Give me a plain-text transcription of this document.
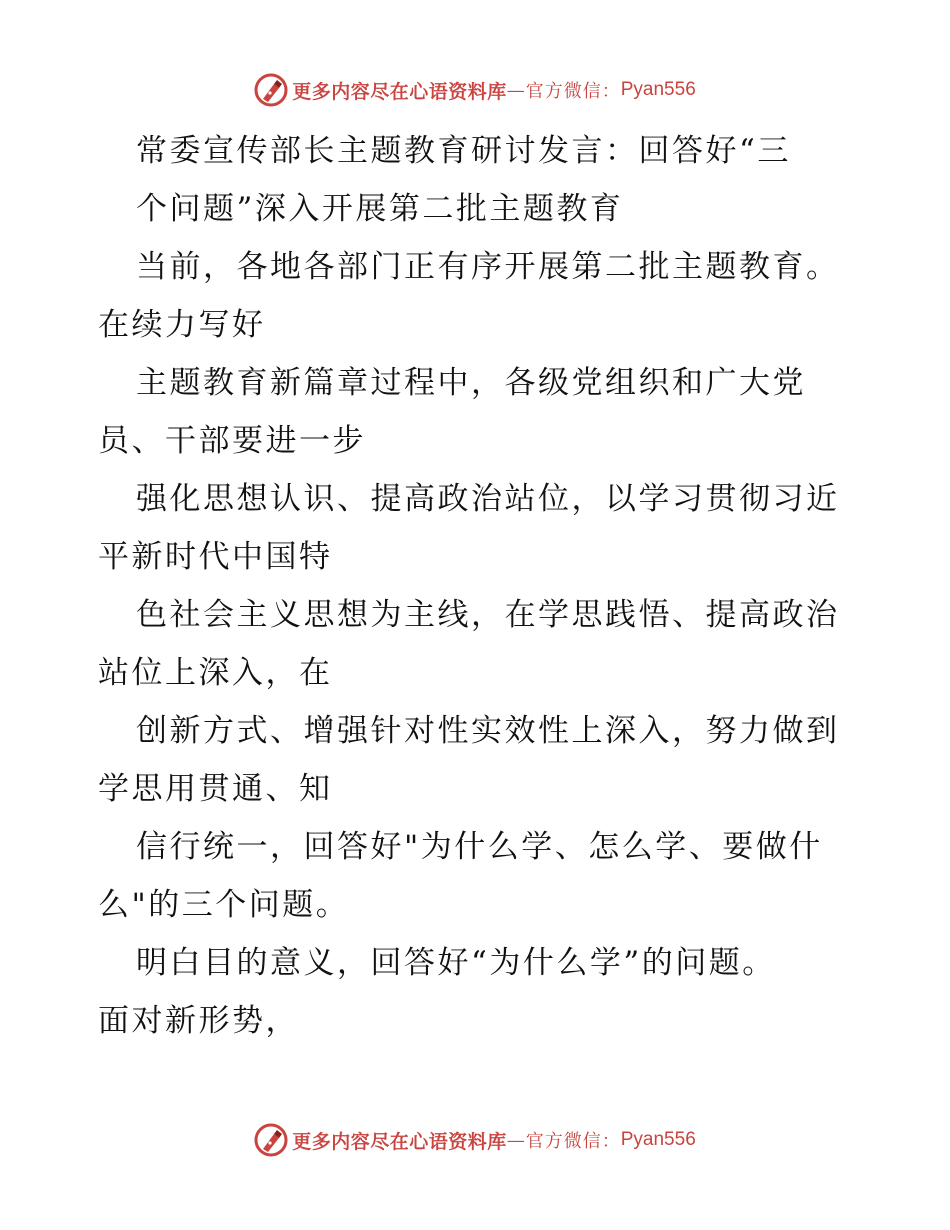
更多内容尽在心语资料库 — 官方微信： Pyan556
常委宣传部长主题教育研讨发言：回答好“三
个问题”深入开展第二批主题教育
当前，各地各部门正有序开展第二批主题教育。
在续力写好
主题教育新篇章过程中，各级党组织和广大党
员、干部要进一步
强化思想认识、提高政治站位，以学习贯彻习近
平新时代中国特
色社会主义思想为主线，在学思践悟、提高政治
站位上深入，在
创新方式、增强针对性实效性上深入，努力做到
学思用贯通、知
信行统一，回答好"为什么学、怎么学、要做什
么"的三个问题。
明白目的意义，回答好“为什么学”的问题。
面对新形势，
更多内容尽在心语资料库 — 官方微信： Pyan556
